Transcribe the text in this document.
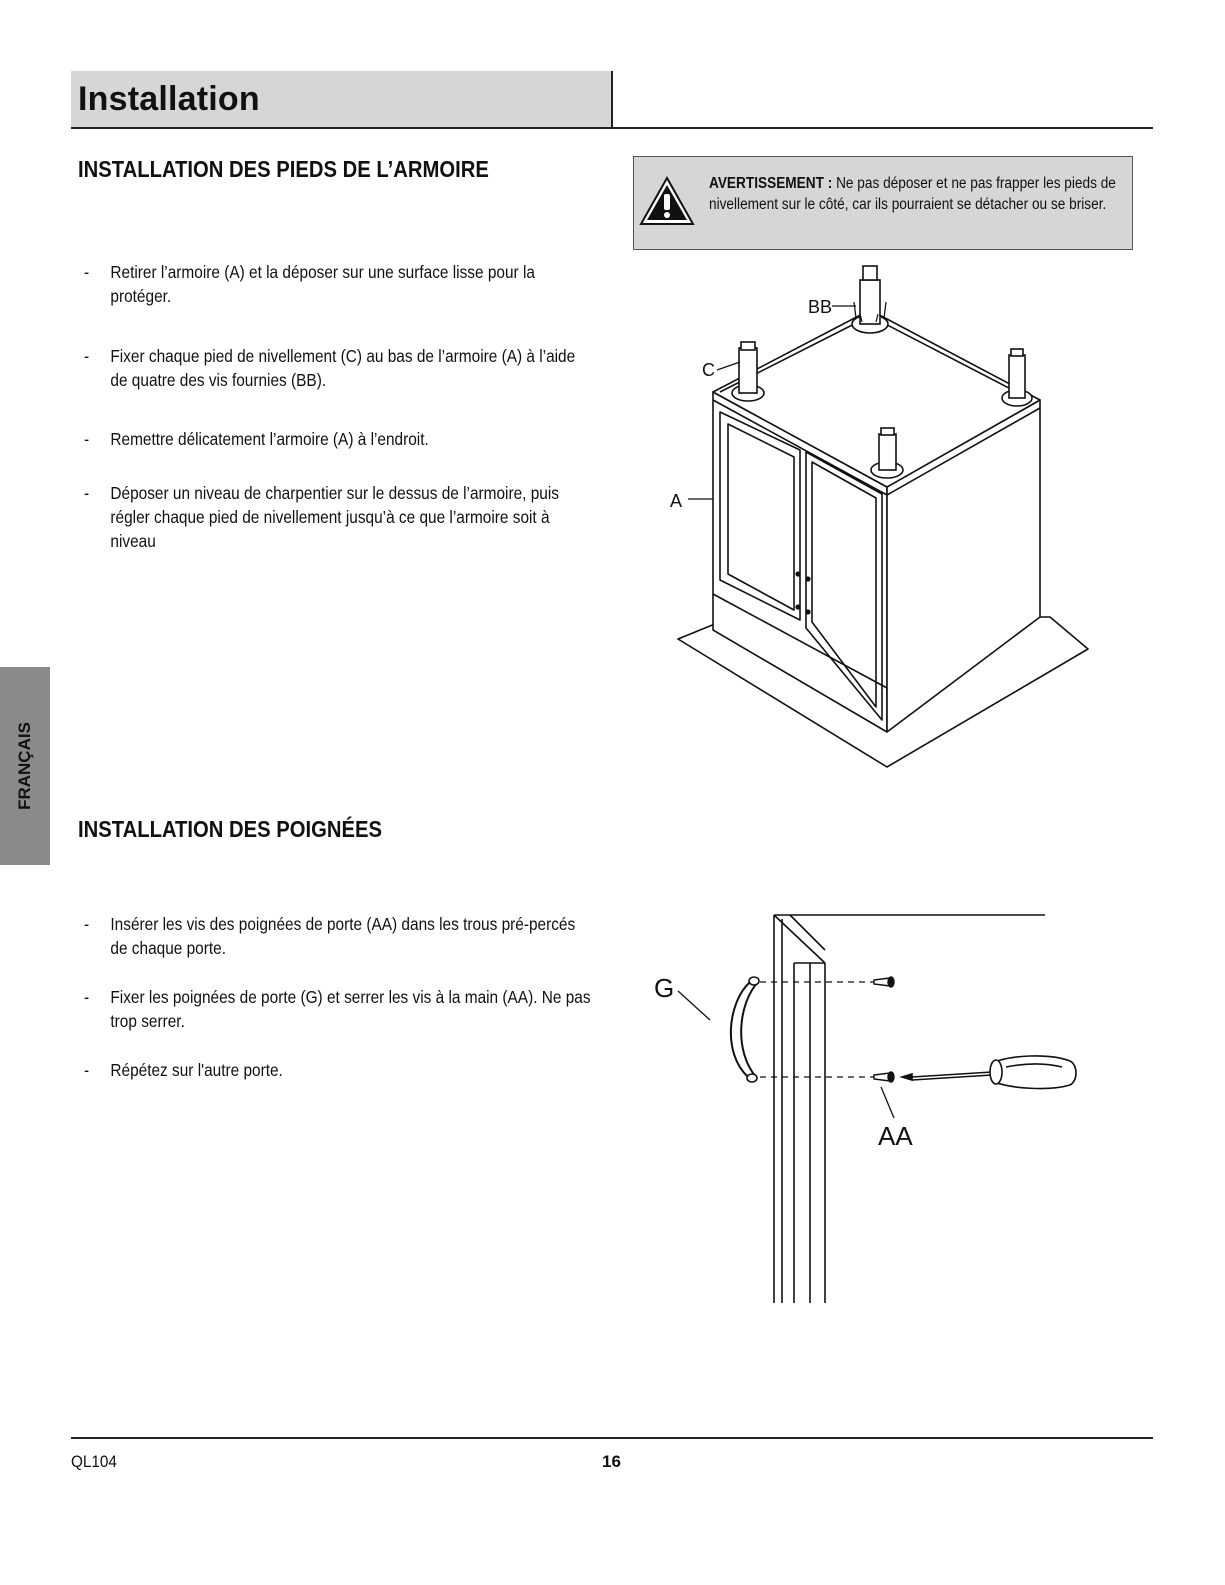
Installation
FRANÇAIS
INSTALLATION DES PIEDS DE L’ARMOIRE
-	Retirer l’armoire (A) et la déposer sur une surface lisse pour la protéger.
-	Fixer chaque pied de nivellement (C) au bas de l’armoire (A) à l’aide de quatre des vis fournies (BB).
-	Remettre délicatement l’armoire (A) à l’endroit.
-	Déposer un niveau de charpentier sur le dessus de l’armoire, puis régler chaque pied de nivellement jusqu’à ce que l’armoire soit à niveau
AVERTISSEMENT : Ne pas déposer et ne pas frapper les pieds de nivellement sur le côté, car ils pourraient se détacher ou se briser.
BB
C
A
INSTALLATION DES POIGNÉES
-	Insérer les vis des poignées de porte (AA) dans les trous pré-percés de chaque porte.
-	Fixer les poignées de porte (G) et serrer les vis à la main (AA). Ne pas trop serrer.
-	Répétez sur l'autre porte.
G
AA
QL104	16
